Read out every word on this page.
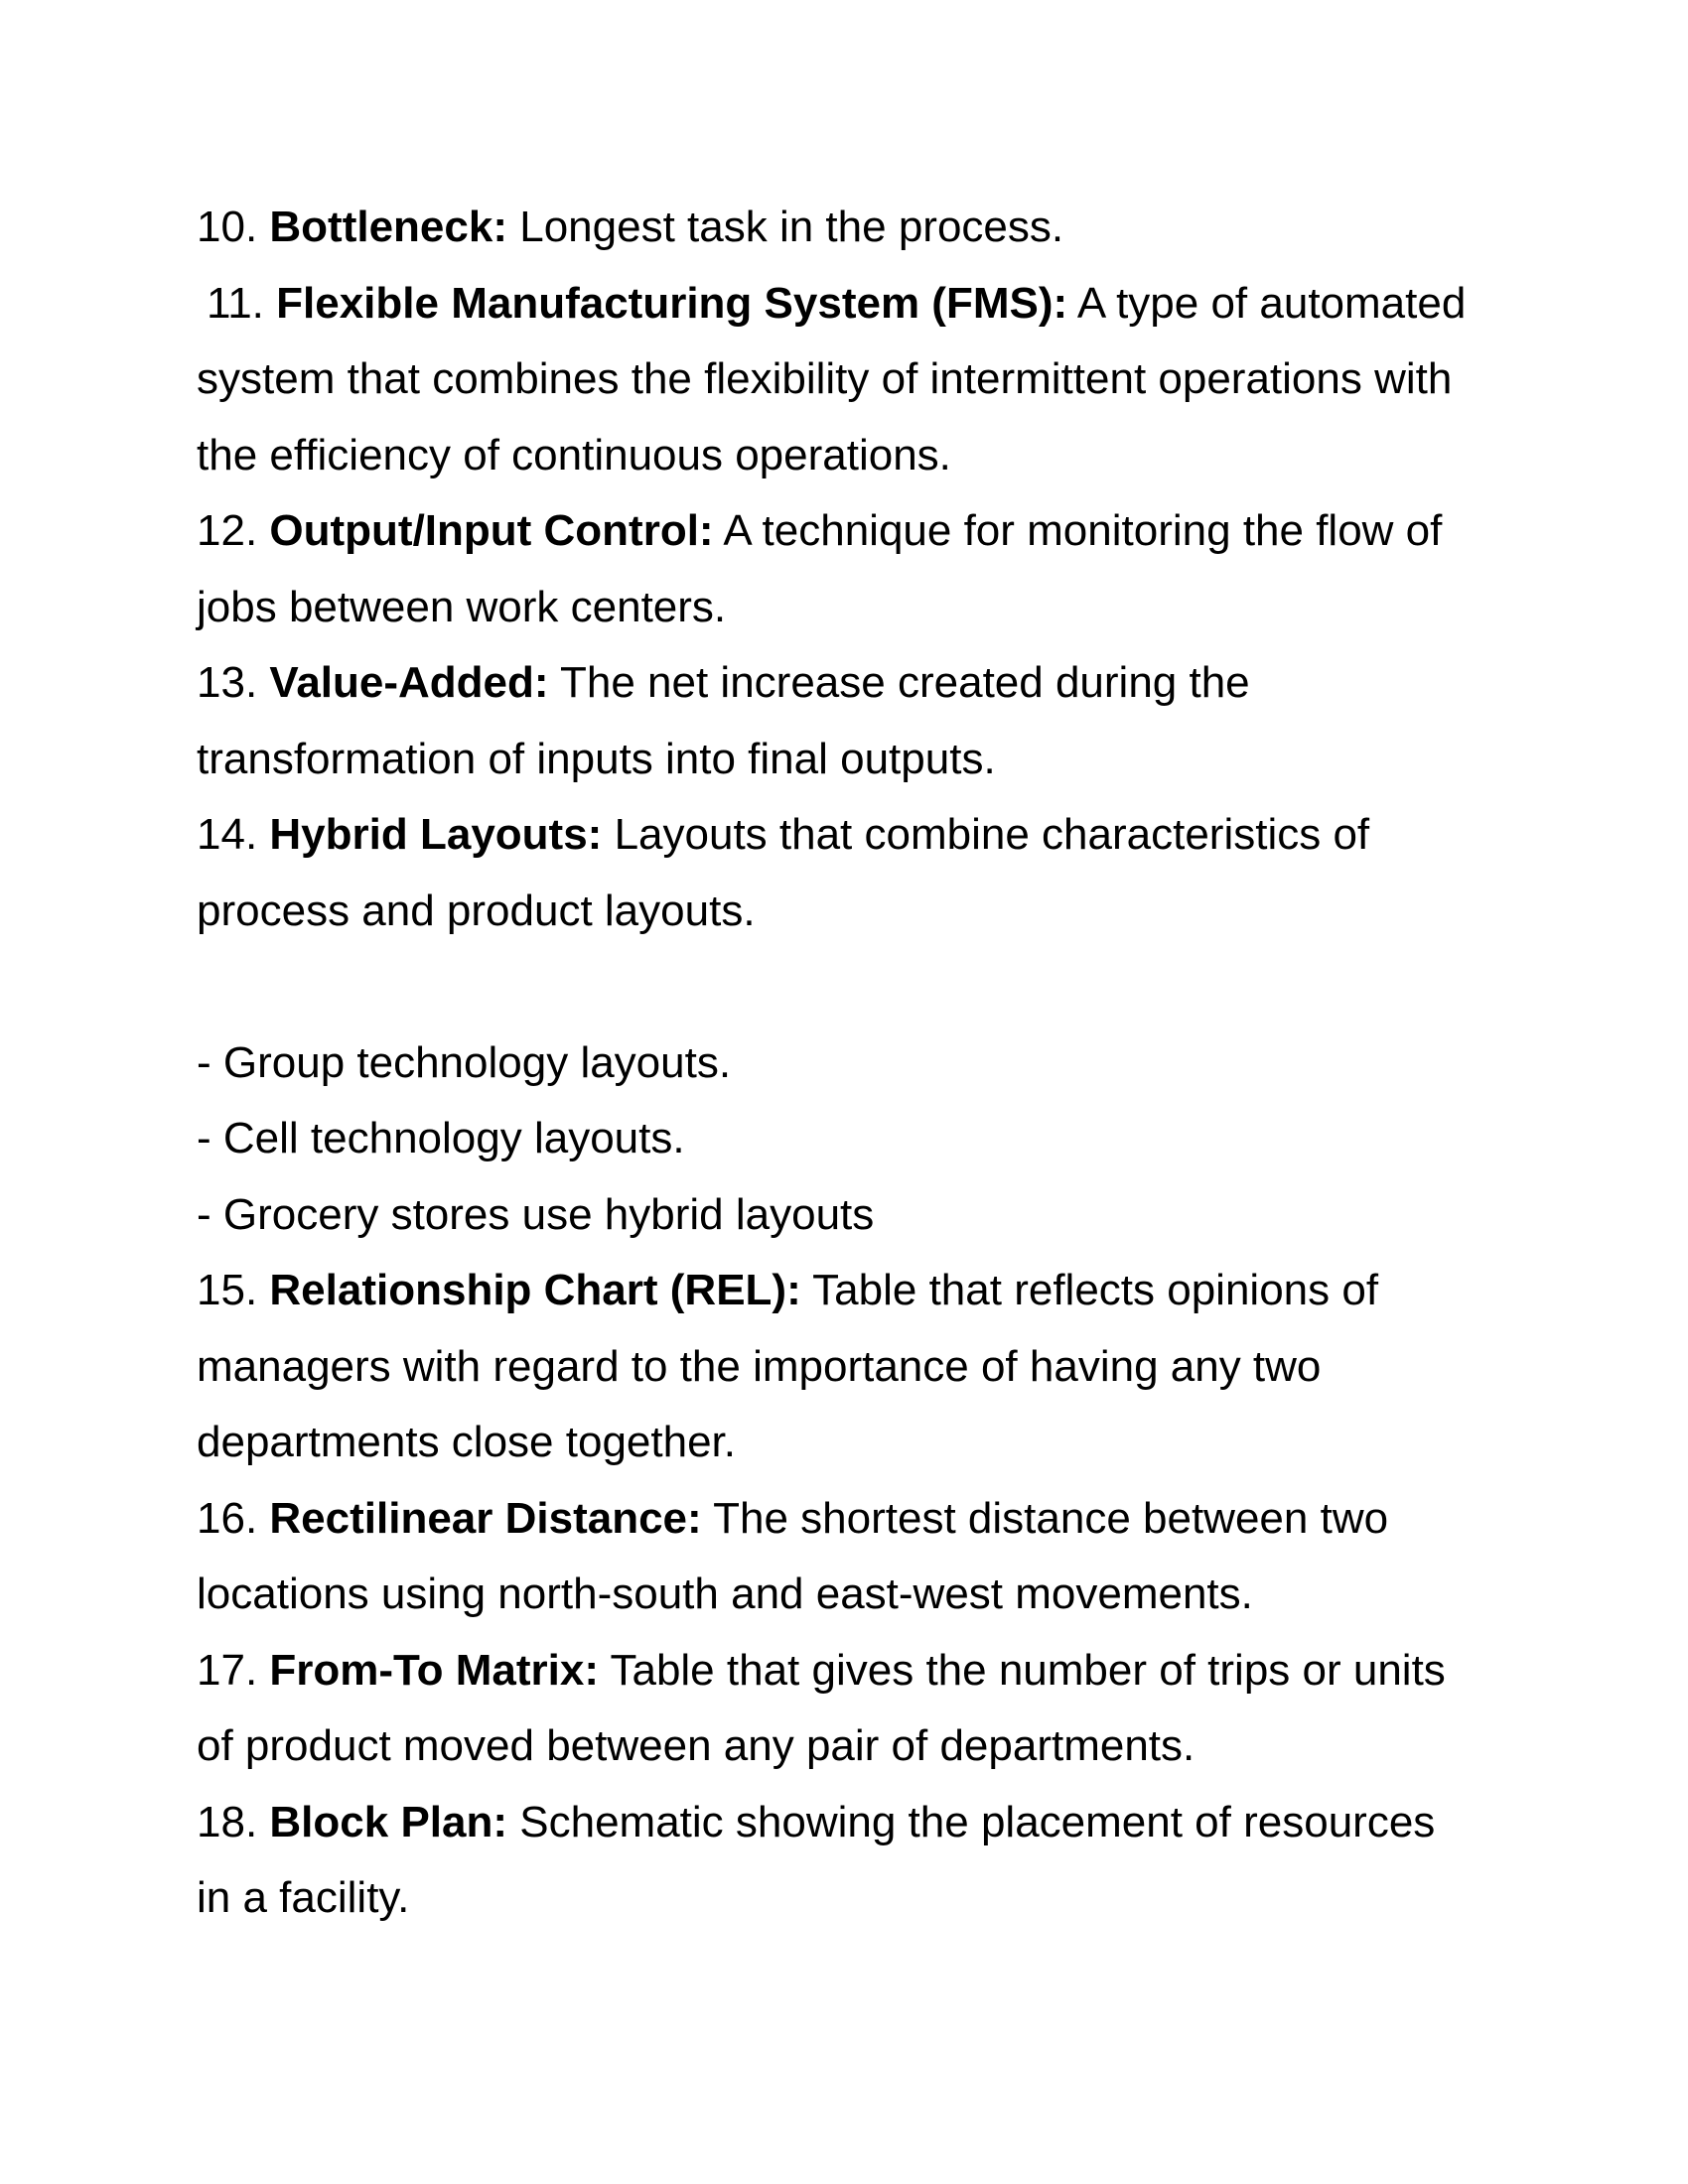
10. Bottleneck: Longest task in the process.
11. Flexible Manufacturing System (FMS): A type of automated
system that combines the flexibility of intermittent operations with
the efficiency of continuous operations.
12. Output/Input Control: A technique for monitoring the flow of
jobs between work centers.
13. Value-Added: The net increase created during the
transformation of inputs into final outputs.
14. Hybrid Layouts: Layouts that combine characteristics of
process and product layouts.
- Group technology layouts.
- Cell technology layouts.
- Grocery stores use hybrid layouts
15. Relationship Chart (REL): Table that reflects opinions of
managers with regard to the importance of having any two
departments close together.
16. Rectilinear Distance: The shortest distance between two
locations using north-south and east-west movements.
17. From-To Matrix: Table that gives the number of trips or units
of product moved between any pair of departments.
18. Block Plan: Schematic showing the placement of resources
in a facility.
